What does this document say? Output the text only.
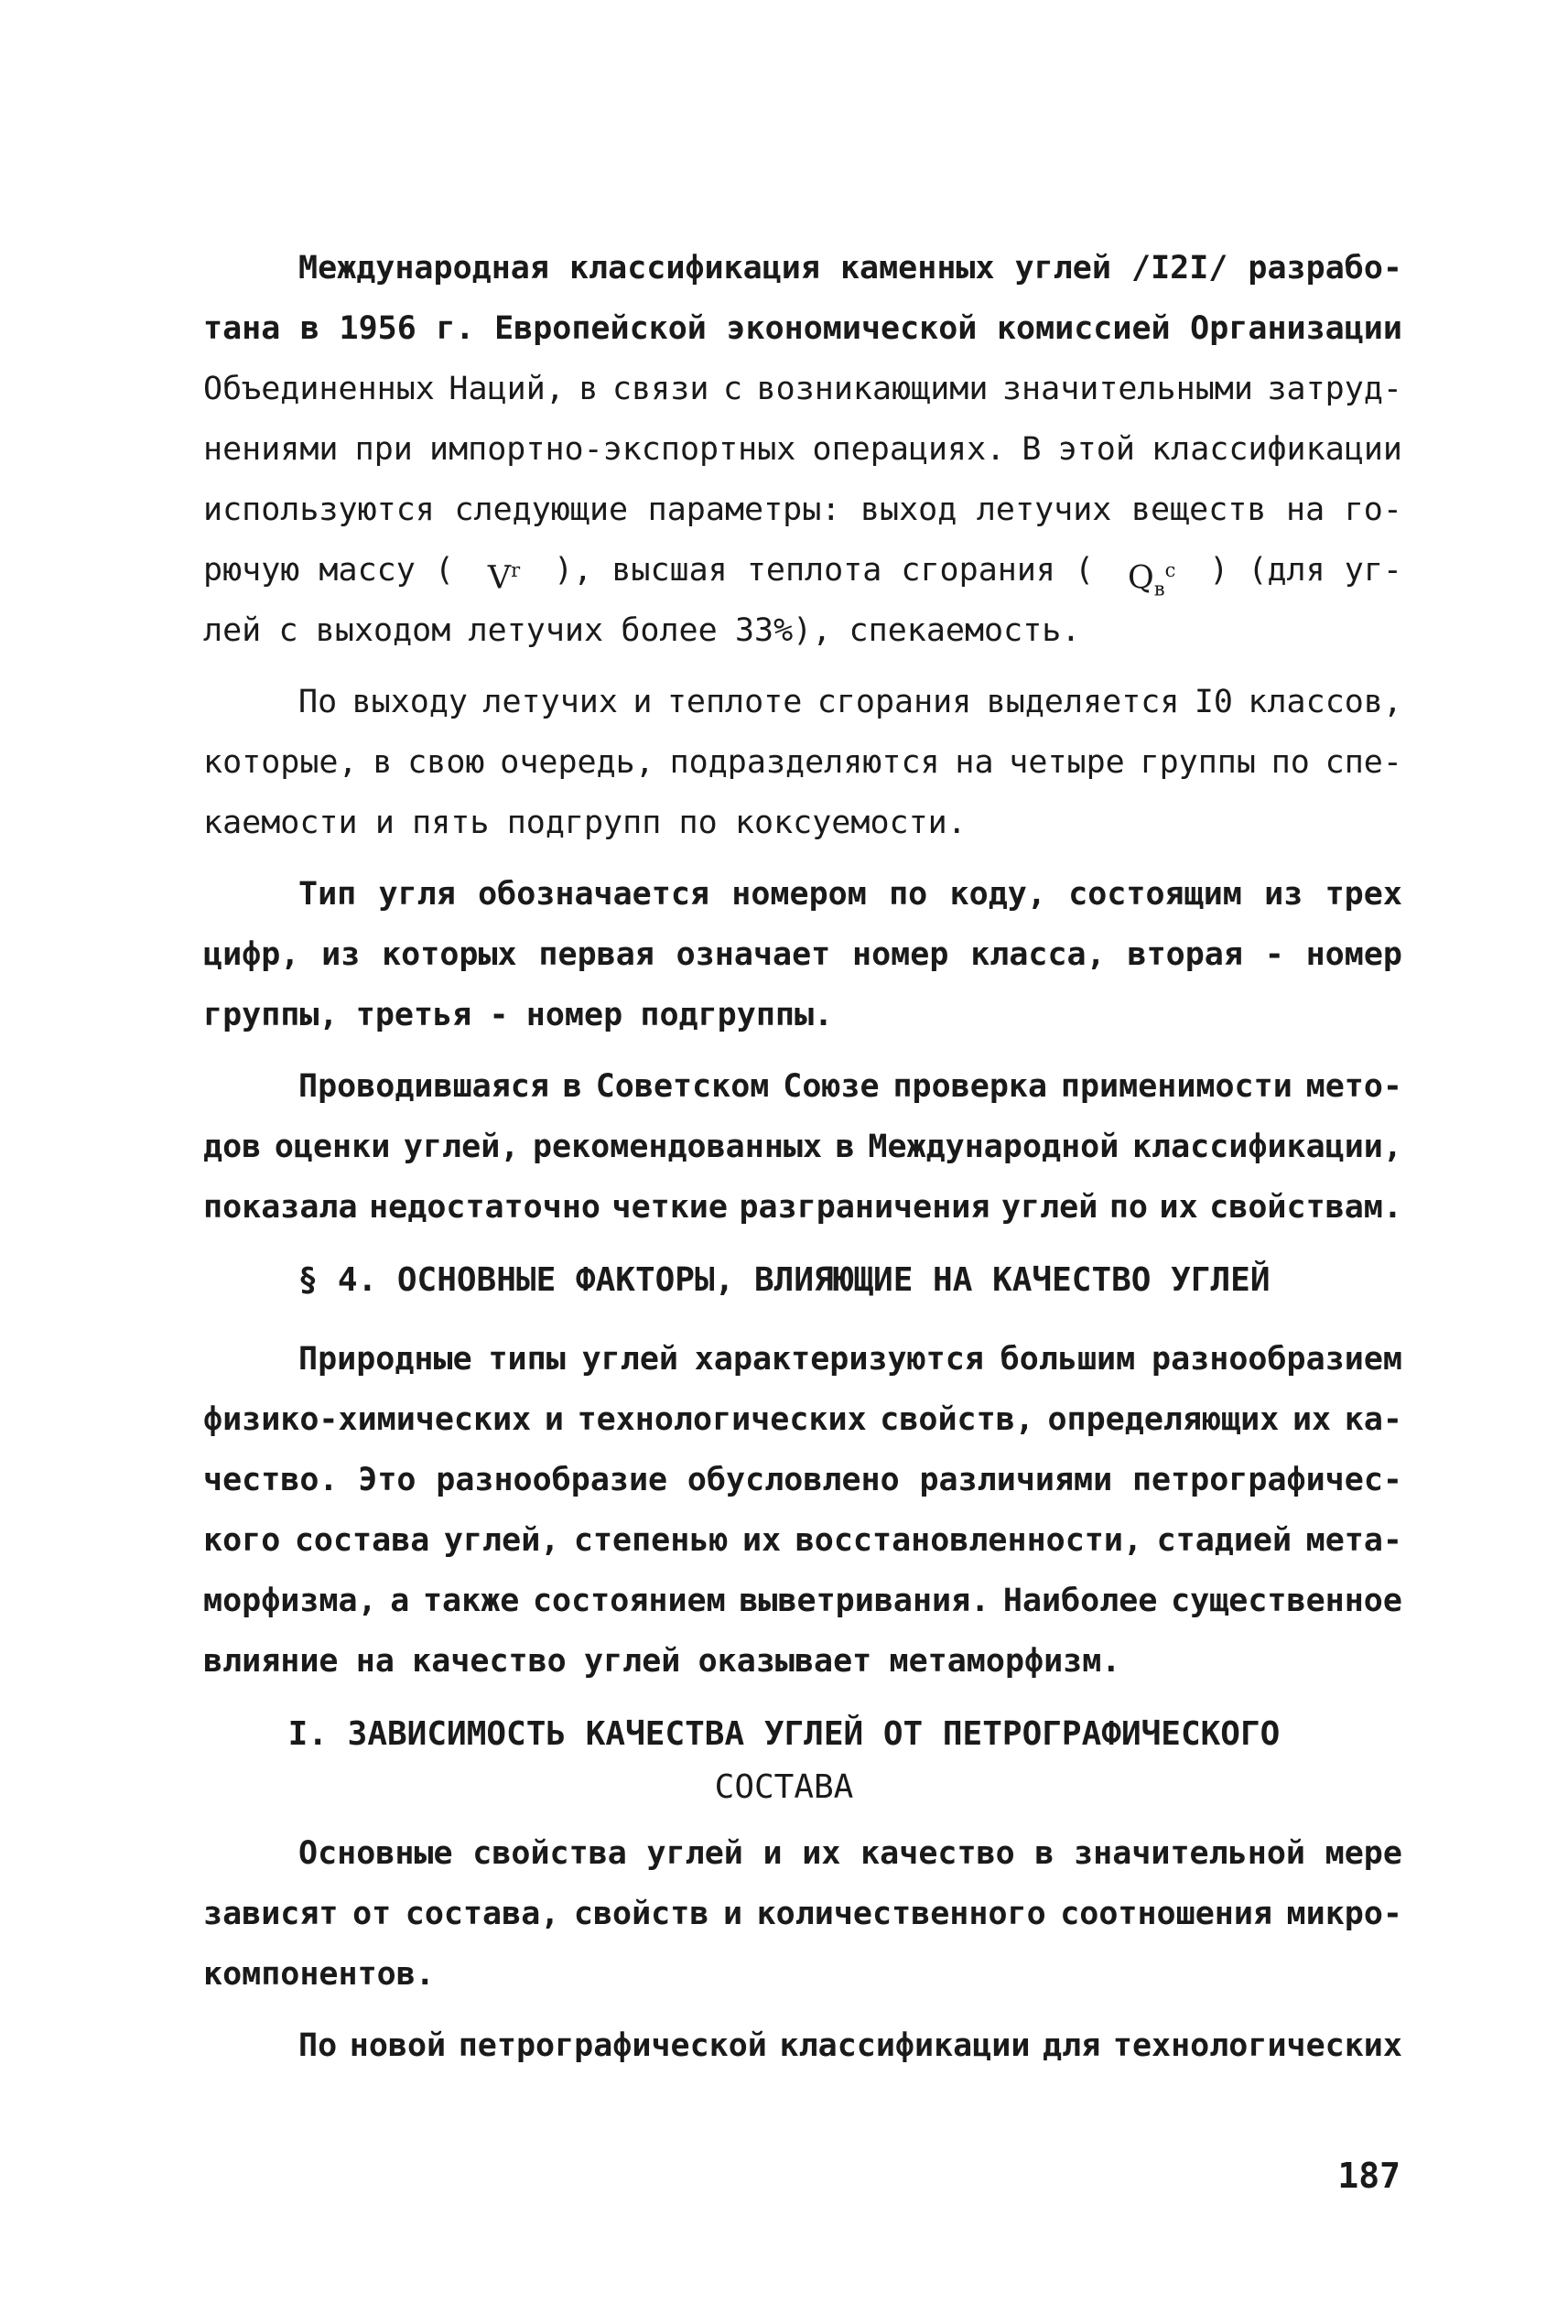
Международная классификация каменных углей /I2I/ разрабо-
тана в 1956 г. Европейской экономической комиссией Организации
Объединенных Наций, в связи с возникающими значительными затруд-
нениями при импортно-экспортных операциях. В этой классификации
используются следующие параметры: выход летучих веществ на го-
рючую массу ( $V^r$ ), высшая теплота сгорания ( $Q_в^c$ ) (для уг-
лей с выходом летучих более 33%), спекаемость.
По выходу летучих и теплоте сгорания выделяется I0 классов,
которые, в свою очередь, подразделяются на четыре группы по спе-
каемости и пять подгрупп по коксуемости.
Тип угля обозначается номером по коду, состоящим из трех
цифр, из которых первая означает номер класса, вторая - номер
группы, третья - номер подгруппы.
Проводившаяся в Советском Союзе проверка применимости мето-
дов оценки углей, рекомендованных в Международной классификации,
показала недостаточно четкие разграничения углей по их свойствам.
§ 4. ОСНОВНЫЕ ФАКТОРЫ, ВЛИЯЮЩИЕ НА КАЧЕСТВО УГЛЕЙ
Природные типы углей характеризуются большим разнообразием
физико-химических и технологических свойств, определяющих их ка-
чество. Это разнообразие обусловлено различиями петрографичес-
кого состава углей, степенью их восстановленности, стадией мета-
морфизма, а также состоянием выветривания. Наиболее существенное
влияние на качество углей оказывает метаморфизм.
I. ЗАВИСИМОСТЬ КАЧЕСТВА УГЛЕЙ ОТ ПЕТРОГРАФИЧЕСКОГО
СОСТАВА
Основные свойства углей и их качество в значительной мере
зависят от состава, свойств и количественного соотношения микро-
компонентов.
По новой петрографической классификации для технологических
187
